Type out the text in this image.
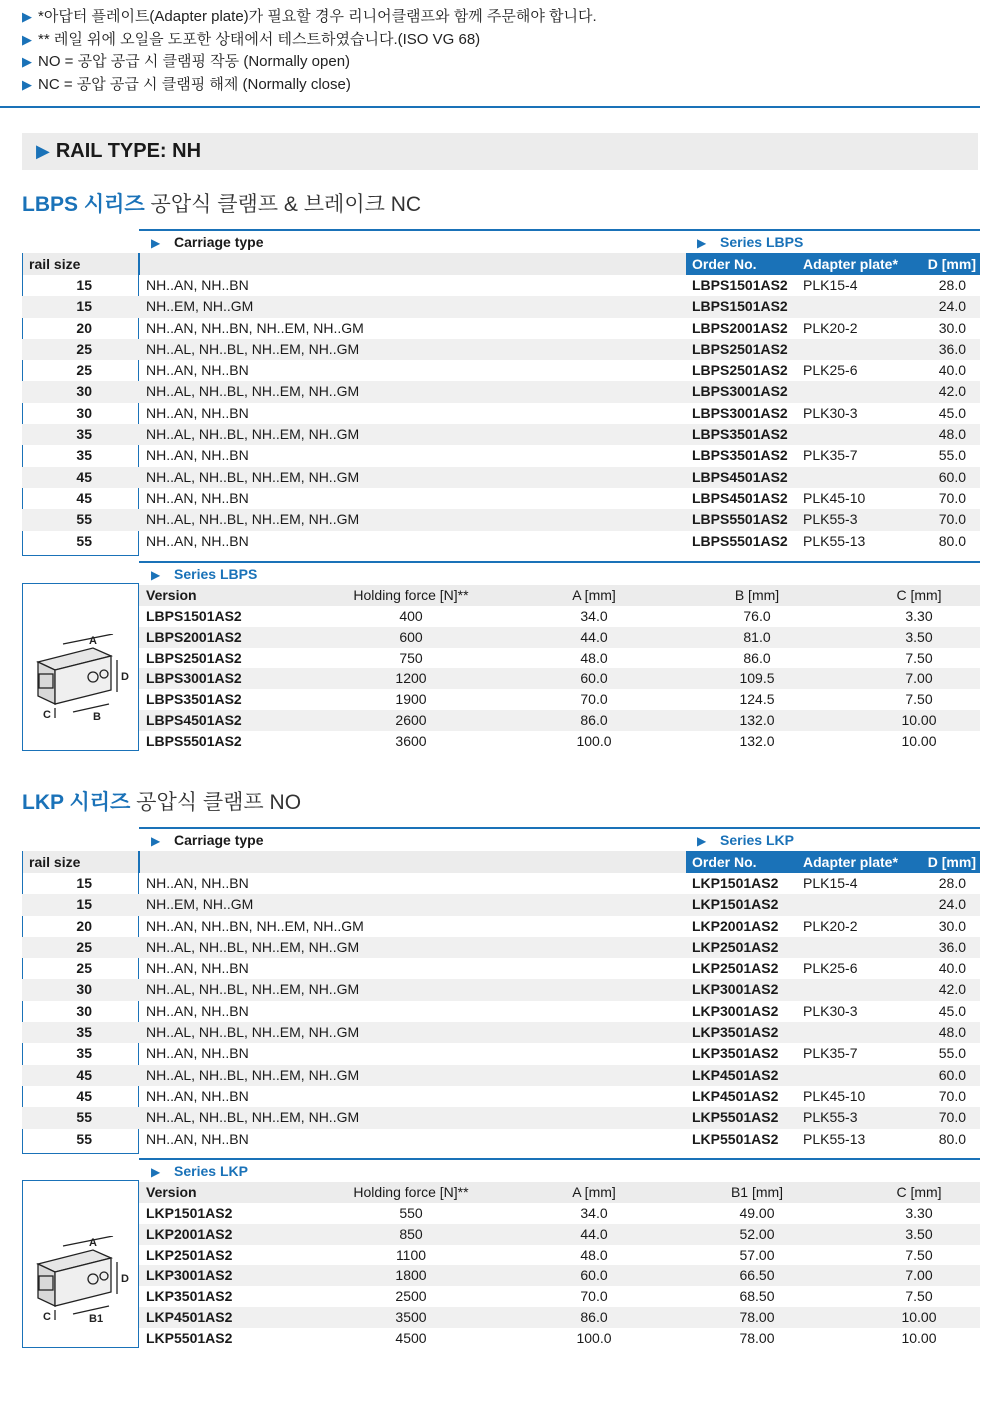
▶ *아답터 플레이트(Adapter plate)가 필요할 경우 리니어클램프와 함께 주문해야 합니다.
▶ ** 레일 위에 오일을 도포한 상태에서 테스트하였습니다.(ISO VG 68)
▶ NO = 공압 공급 시 클램핑 작동 (Normally open)
▶ NC = 공압 공급 시 클램핑 해제 (Normally close)
▶ RAIL TYPE: NH
LBPS 시리즈 공압식 클램프 & 브레이크 NC
▶ Carriage type	▶ Series LBPS
rail size	Order No.	Adapter plate* D [mm]
15	NH..AN, NH..BN	LBPS1501AS2 PLK15-4	28.0
15	NH..EM, NH..GM	LBPS1501AS2	24.0
20	NH..AN, NH..BN, NH..EM, NH..GM	LBPS2001AS2 PLK20-2	30.0
25	NH..AL, NH..BL, NH..EM, NH..GM	LBPS2501AS2	36.0
25	NH..AN, NH..BN	LBPS2501AS2 PLK25-6	40.0
30	NH..AL, NH..BL, NH..EM, NH..GM	LBPS3001AS2	42.0
30	NH..AN, NH..BN	LBPS3001AS2 PLK30-3	45.0
35	NH..AL, NH..BL, NH..EM, NH..GM	LBPS3501AS2	48.0
35	NH..AN, NH..BN	LBPS3501AS2 PLK35-7	55.0
45	NH..AL, NH..BL, NH..EM, NH..GM	LBPS4501AS2	60.0
45	NH..AN, NH..BN	LBPS4501AS2 PLK45-10	70.0
55	NH..AL, NH..BL, NH..EM, NH..GM	LBPS5501AS2 PLK55-3	70.0
55	NH..AN, NH..BN	LBPS5501AS2 PLK55-13	80.0
▶ Series LBPS
A
D
C	B
Version	Holding force [N]**	A [mm]	B [mm]	C [mm]
LBPS1501AS2	400	34.0	76.0	3.30
LBPS2001AS2	600	44.0	81.0	3.50
LBPS2501AS2	750	48.0	86.0	7.50
LBPS3001AS2	1200	60.0	109.5	7.00
LBPS3501AS2	1900	70.0	124.5	7.50
LBPS4501AS2	2600	86.0	132.0	10.00
LBPS5501AS2	3600	100.0	132.0	10.00
LKP 시리즈 공압식 클램프 NO
▶ Carriage type	▶ Series LKP
rail size	Order No.	Adapter plate* D [mm]
15	NH..AN, NH..BN	LKP1501AS2 PLK15-4	28.0
15	NH..EM, NH..GM	LKP1501AS2	24.0
20	NH..AN, NH..BN, NH..EM, NH..GM	LKP2001AS2 PLK20-2	30.0
25	NH..AL, NH..BL, NH..EM, NH..GM	LKP2501AS2	36.0
25	NH..AN, NH..BN	LKP2501AS2 PLK25-6	40.0
30	NH..AL, NH..BL, NH..EM, NH..GM	LKP3001AS2	42.0
30	NH..AN, NH..BN	LKP3001AS2 PLK30-3	45.0
35	NH..AL, NH..BL, NH..EM, NH..GM	LKP3501AS2	48.0
35	NH..AN, NH..BN	LKP3501AS2 PLK35-7	55.0
45	NH..AL, NH..BL, NH..EM, NH..GM	LKP4501AS2	60.0
45	NH..AN, NH..BN	LKP4501AS2 PLK45-10	70.0
55	NH..AL, NH..BL, NH..EM, NH..GM	LKP5501AS2 PLK55-3	70.0
55	NH..AN, NH..BN	LKP5501AS2 PLK55-13	80.0
▶ Series LKP
A
D
C	B1
Version	Holding force [N]**	A [mm]	B1 [mm]	C [mm]
LKP1501AS2	550	34.0	49.00	3.30
LKP2001AS2	850	44.0	52.00	3.50
LKP2501AS2	1100	48.0	57.00	7.50
LKP3001AS2	1800	60.0	66.50	7.00
LKP3501AS2	2500	70.0	68.50	7.50
LKP4501AS2	3500	86.0	78.00	10.00
LKP5501AS2	4500	100.0	78.00	10.00
